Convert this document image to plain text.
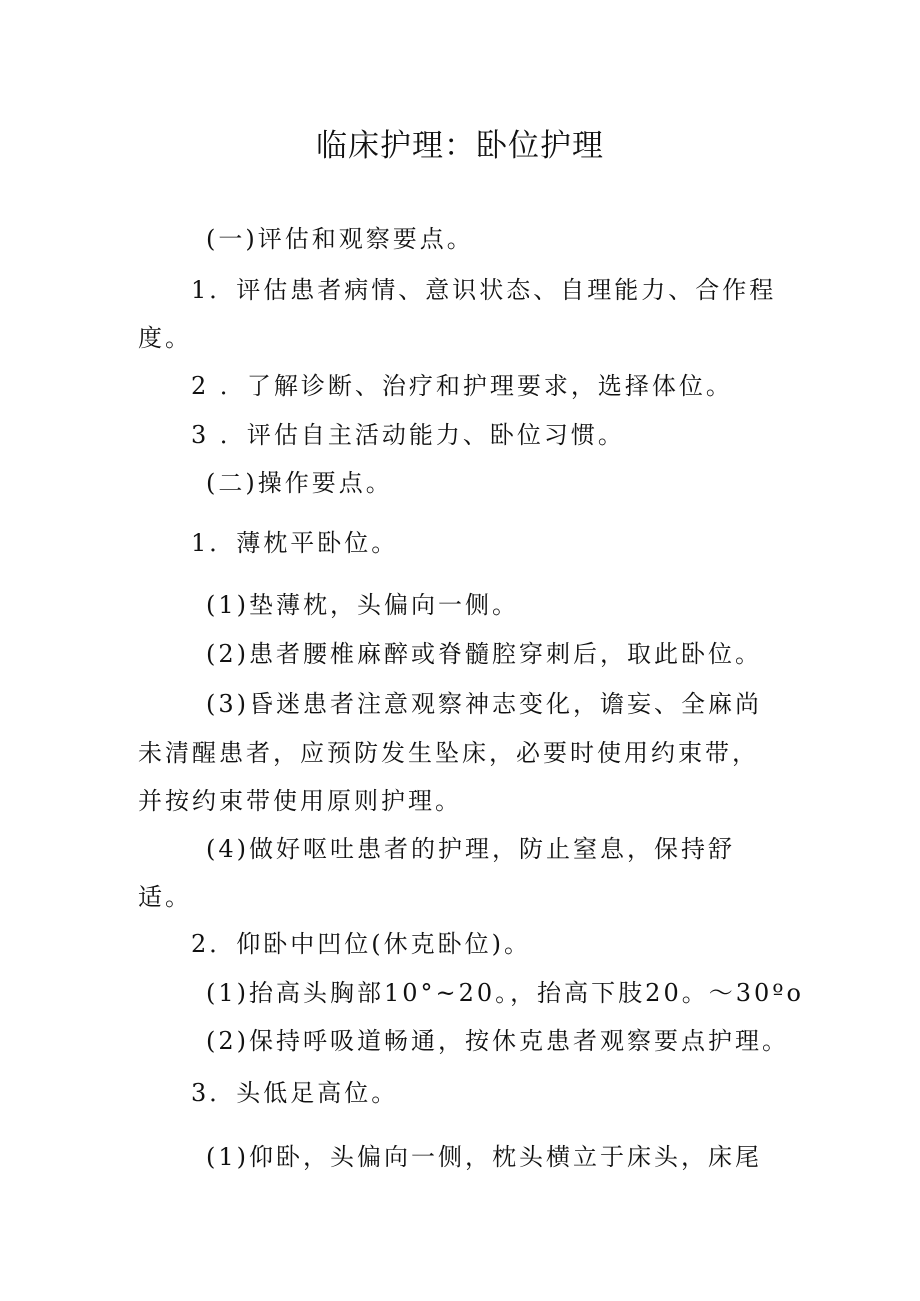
临床护理：卧位护理
(一)评估和观察要点。
1．评估患者病情、意识状态、自理能力、合作程
度。
2 ．了解诊断、治疗和护理要求，选择体位。
3 ．评估自主活动能力、卧位习惯。
(二)操作要点。
1．薄枕平卧位。
(1)垫薄枕，头偏向一侧。
(2)患者腰椎麻醉或脊髓腔穿刺后，取此卧位。
(3)昏迷患者注意观察神志变化，谵妄、全麻尚
未清醒患者，应预防发生坠床，必要时使用约束带，
并按约束带使用原则护理。
(4)做好呕吐患者的护理，防止窒息，保持舒
适。
2．仰卧中凹位(休克卧位)。
(1)抬高头胸部10°~20。，抬高下肢20。～30ºo
(2)保持呼吸道畅通，按休克患者观察要点护理。
3．头低足高位。
(1)仰卧，头偏向一侧，枕头横立于床头，床尾
